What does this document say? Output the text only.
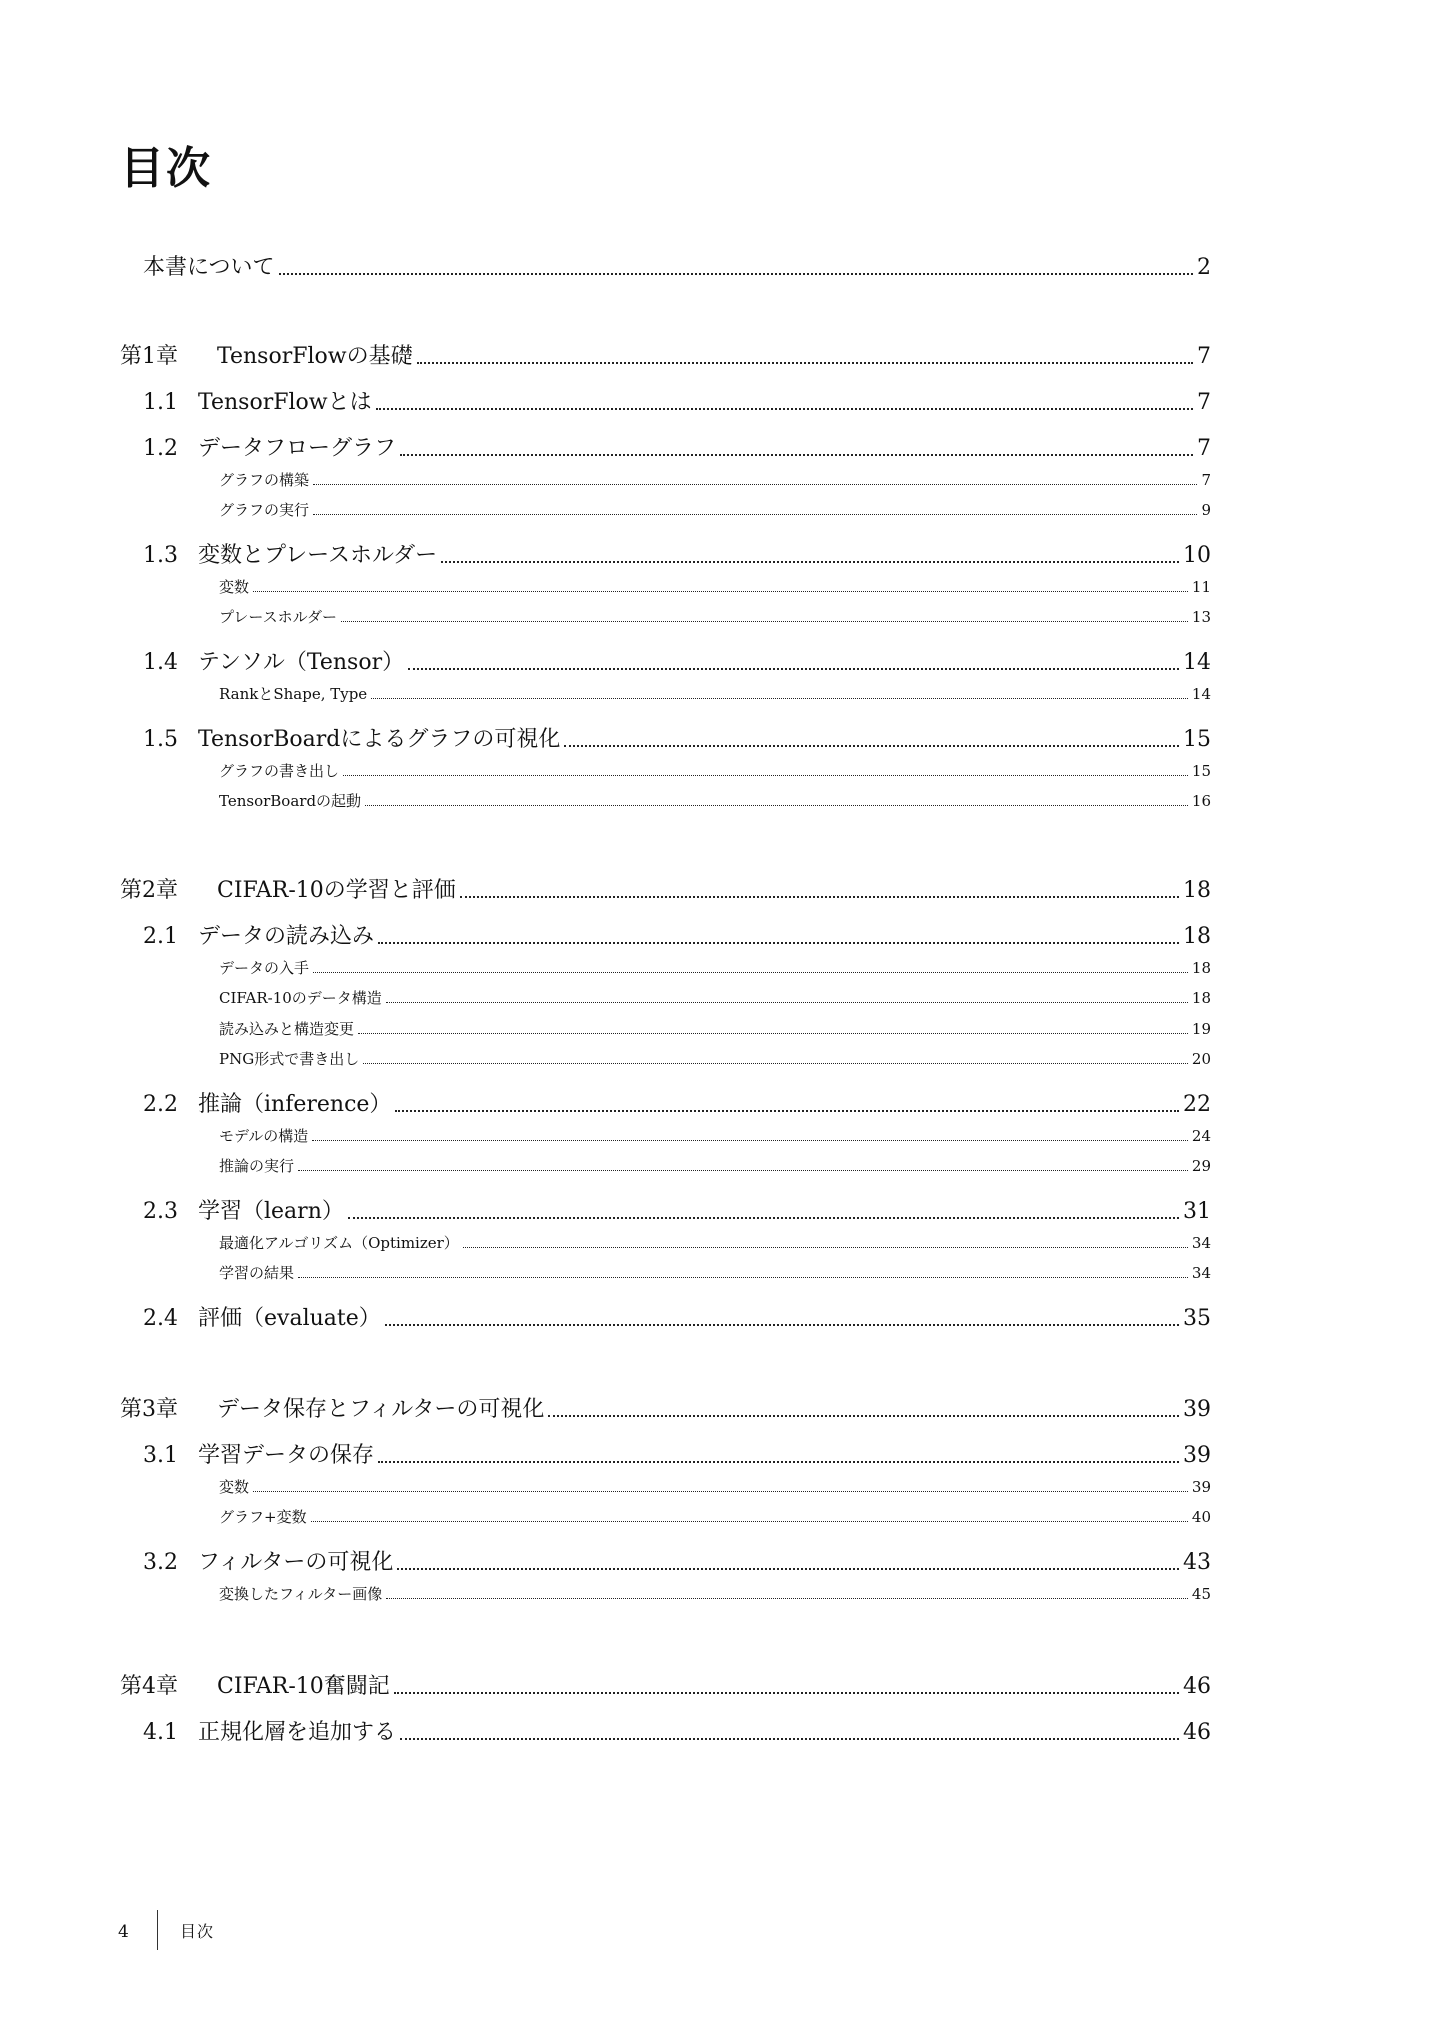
目次
本書について	2
第1章	TensorFlowの基礎	7
1.1 TensorFlowとは	7
1.2 データフローグラフ	7
グラフの構築	7
グラフの実行	9
1.3 変数とプレースホルダー	10
変数	11
プレースホルダー	13
1.4 テンソル（Tensor）	14
RankとShape, Type	14
1.5 TensorBoardによるグラフの可視化	15
グラフの書き出し	15
TensorBoardの起動	16
第2章	CIFAR-10の学習と評価	18
2.1 データの読み込み	18
データの入手	18
CIFAR-10のデータ構造	18
読み込みと構造変更	19
PNG形式で書き出し	20
2.2 推論（inference）	22
モデルの構造	24
推論の実行	29
2.3 学習（learn）	31
最適化アルゴリズム（Optimizer）	34
学習の結果	34
2.4 評価（evaluate）	35
第3章	データ保存とフィルターの可視化	39
3.1 学習データの保存	39
変数	39
グラフ+変数	40
3.2 フィルターの可視化	43
変換したフィルター画像	45
第4章	CIFAR-10奮闘記	46
4.1 正規化層を追加する	46
4	目次
